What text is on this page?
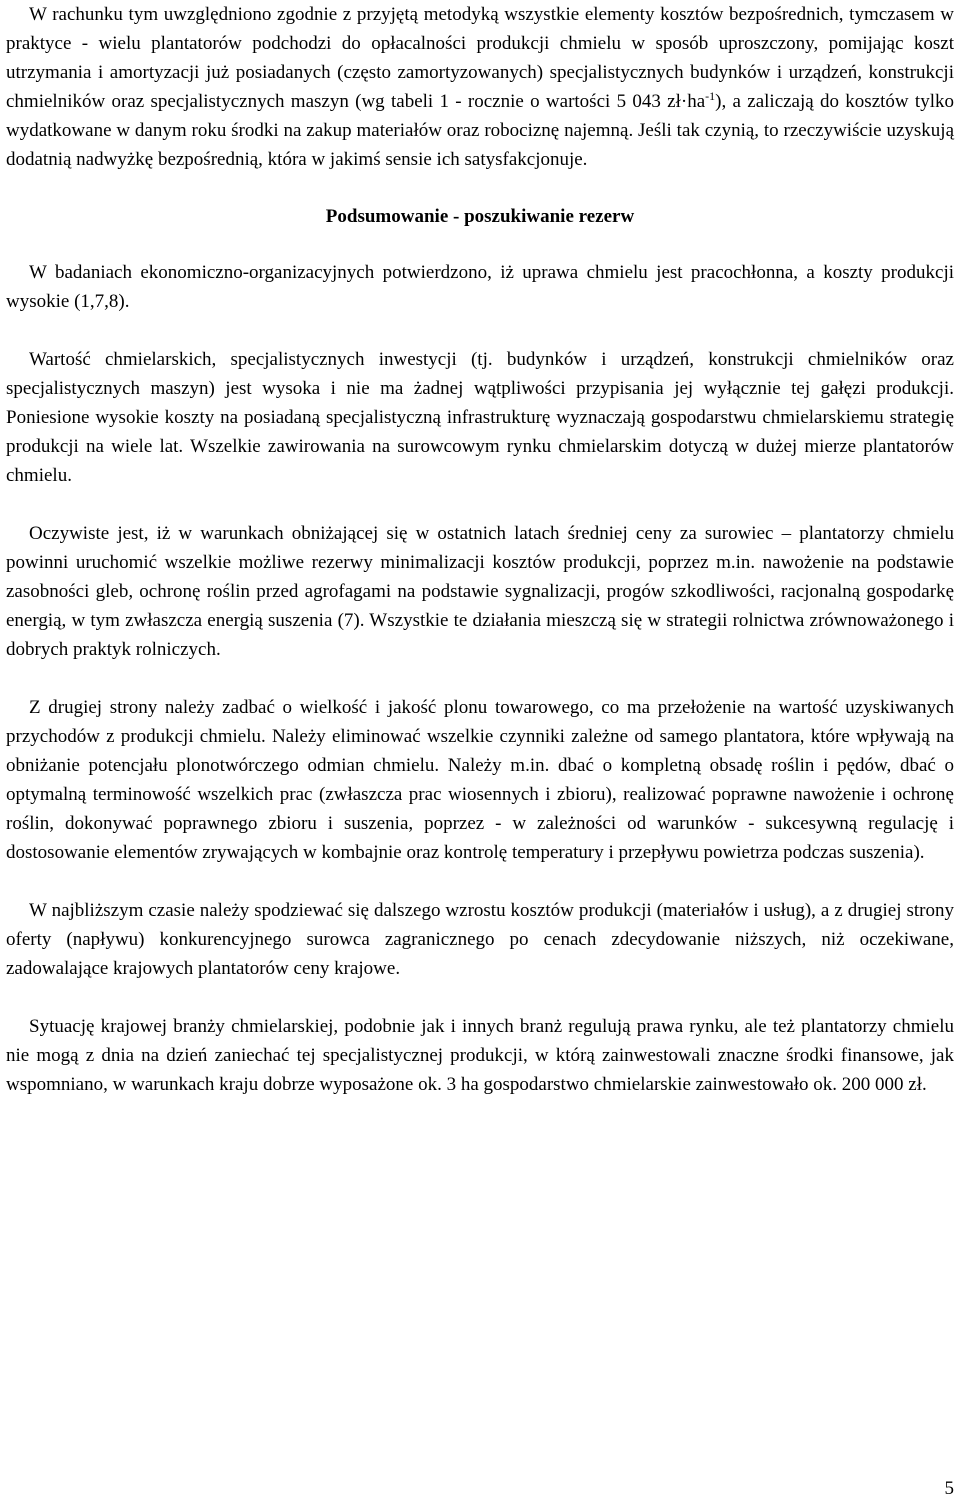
W rachunku tym uwzględniono zgodnie z przyjętą metodyką wszystkie elementy kosztów bezpośrednich, tymczasem w praktyce - wielu plantatorów podchodzi do opłacalności produkcji chmielu w sposób uproszczony, pomijając koszt utrzymania i amortyzacji już posiadanych (często zamortyzowanych) specjalistycznych budynków i urządzeń, konstrukcji chmielników oraz specjalistycznych maszyn (wg tabeli 1 - rocznie o wartości 5 043 $zł\cdot ha^{-1}$), a zaliczają do kosztów tylko wydatkowane w danym roku środki na zakup materiałów oraz robociznę najemną. Jeśli tak czynią, to rzeczywiście uzyskują dodatnią nadwyżkę bezpośrednią, która w jakimś sensie ich satysfakcjonuje.

Podsumowanie - poszukiwanie rezerw

W badaniach ekonomiczno-organizacyjnych potwierdzono, iż uprawa chmielu jest pracochłonna, a koszty produkcji wysokie (1,7,8).

Wartość chmielarskich, specjalistycznych inwestycji (tj. budynków i urządzeń, konstrukcji chmielników oraz specjalistycznych maszyn) jest wysoka i nie ma żadnej wątpliwości przypisania jej wyłącznie tej gałęzi produkcji. Poniesione wysokie koszty na posiadaną specjalistyczną infrastrukturę wyznaczają gospodarstwu chmielarskiemu strategię produkcji na wiele lat. Wszelkie zawirowania na surowcowym rynku chmielarskim dotyczą w dużej mierze plantatorów chmielu.

Oczywiste jest, iż w warunkach obniżającej się w ostatnich latach średniej ceny za surowiec – plantatorzy chmielu powinni uruchomić wszelkie możliwe rezerwy minimalizacji kosztów produkcji, poprzez m.in. nawożenie na podstawie zasobności gleb, ochronę roślin przed agrofagami na podstawie sygnalizacji, progów szkodliwości, racjonalną gospodarkę energią, w tym zwłaszcza energią suszenia (7). Wszystkie te działania mieszczą się w strategii rolnictwa zrównoważonego i dobrych praktyk rolniczych.

Z drugiej strony należy zadbać o wielkość i jakość plonu towarowego, co ma przełożenie na wartość uzyskiwanych przychodów z produkcji chmielu. Należy eliminować wszelkie czynniki zależne od samego plantatora, które wpływają na obniżanie potencjału plonotwórczego odmian chmielu. Należy m.in. dbać o kompletną obsadę roślin i pędów, dbać o optymalną terminowość wszelkich prac (zwłaszcza prac wiosennych i zbioru), realizować poprawne nawożenie i ochronę roślin, dokonywać poprawnego zbioru i suszenia, poprzez - w zależności od warunków - sukcesywną regulację i dostosowanie elementów zrywających w kombajnie oraz kontrolę temperatury i przepływu powietrza podczas suszenia).

W najbliższym czasie należy spodziewać się dalszego wzrostu kosztów produkcji (materiałów i usług), a z drugiej strony oferty (napływu) konkurencyjnego surowca zagranicznego po cenach zdecydowanie niższych, niż oczekiwane, zadowalające krajowych plantatorów ceny krajowe.

Sytuację krajowej branży chmielarskiej, podobnie jak i innych branż regulują prawa rynku, ale też plantatorzy chmielu nie mogą z dnia na dzień zaniechać tej specjalistycznej produkcji, w którą zainwestowali znaczne środki finansowe, jak wspomniano, w warunkach kraju dobrze wyposażone ok. 3 ha gospodarstwo chmielarskie zainwestowało ok. 200 000 zł.

5
